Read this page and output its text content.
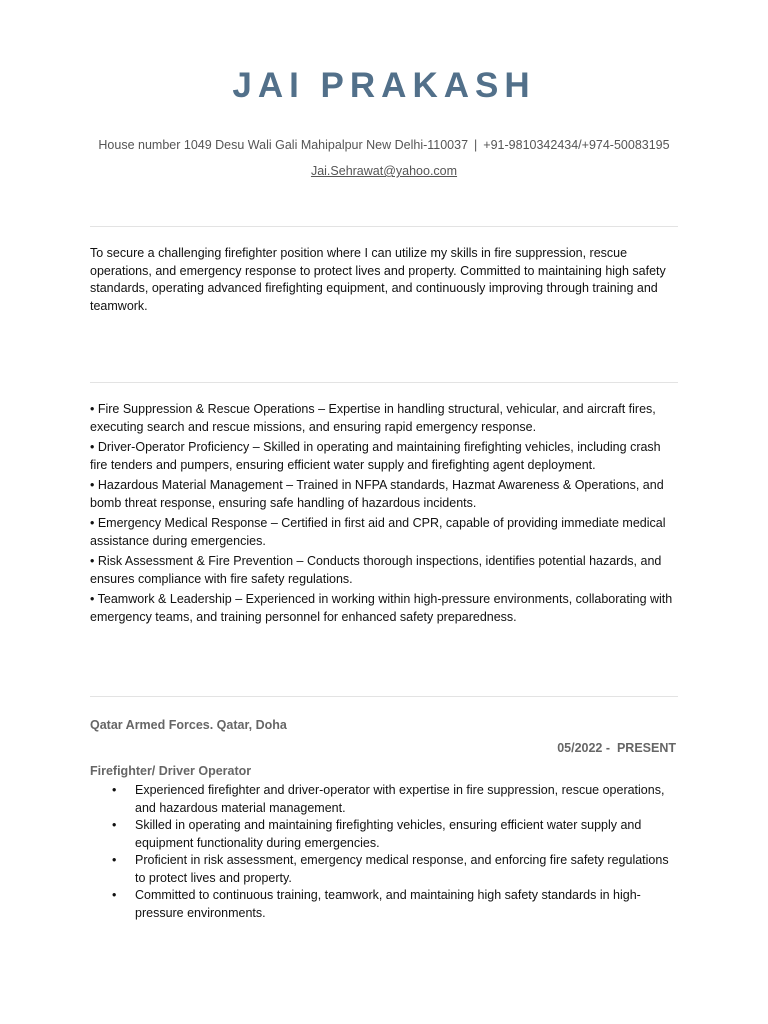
JAI PRAKASH
House number 1049 Desu Wali Gali Mahipalpur New Delhi-110037 | +91-9810342434/+974-50083195
Jai.Sehrawat@yahoo.com
To secure a challenging firefighter position where I can utilize my skills in fire suppression, rescue operations, and emergency response to protect lives and property. Committed to maintaining high safety standards, operating advanced firefighting equipment, and continuously improving through training and teamwork.
• Fire Suppression & Rescue Operations – Expertise in handling structural, vehicular, and aircraft fires, executing search and rescue missions, and ensuring rapid emergency response.
• Driver-Operator Proficiency – Skilled in operating and maintaining firefighting vehicles, including crash fire tenders and pumpers, ensuring efficient water supply and firefighting agent deployment.
• Hazardous Material Management – Trained in NFPA standards, Hazmat Awareness & Operations, and bomb threat response, ensuring safe handling of hazardous incidents.
• Emergency Medical Response – Certified in first aid and CPR, capable of providing immediate medical assistance during emergencies.
• Risk Assessment & Fire Prevention – Conducts thorough inspections, identifies potential hazards, and ensures compliance with fire safety regulations.
• Teamwork & Leadership – Experienced in working within high-pressure environments, collaborating with emergency teams, and training personnel for enhanced safety preparedness.
Qatar Armed Forces. Qatar, Doha
05/2022 -  PRESENT
Firefighter/ Driver Operator
• Experienced firefighter and driver-operator with expertise in fire suppression, rescue operations, and hazardous material management.
• Skilled in operating and maintaining firefighting vehicles, ensuring efficient water supply and equipment functionality during emergencies.
• Proficient in risk assessment, emergency medical response, and enforcing fire safety regulations to protect lives and property.
• Committed to continuous training, teamwork, and maintaining high safety standards in high-pressure environments.
